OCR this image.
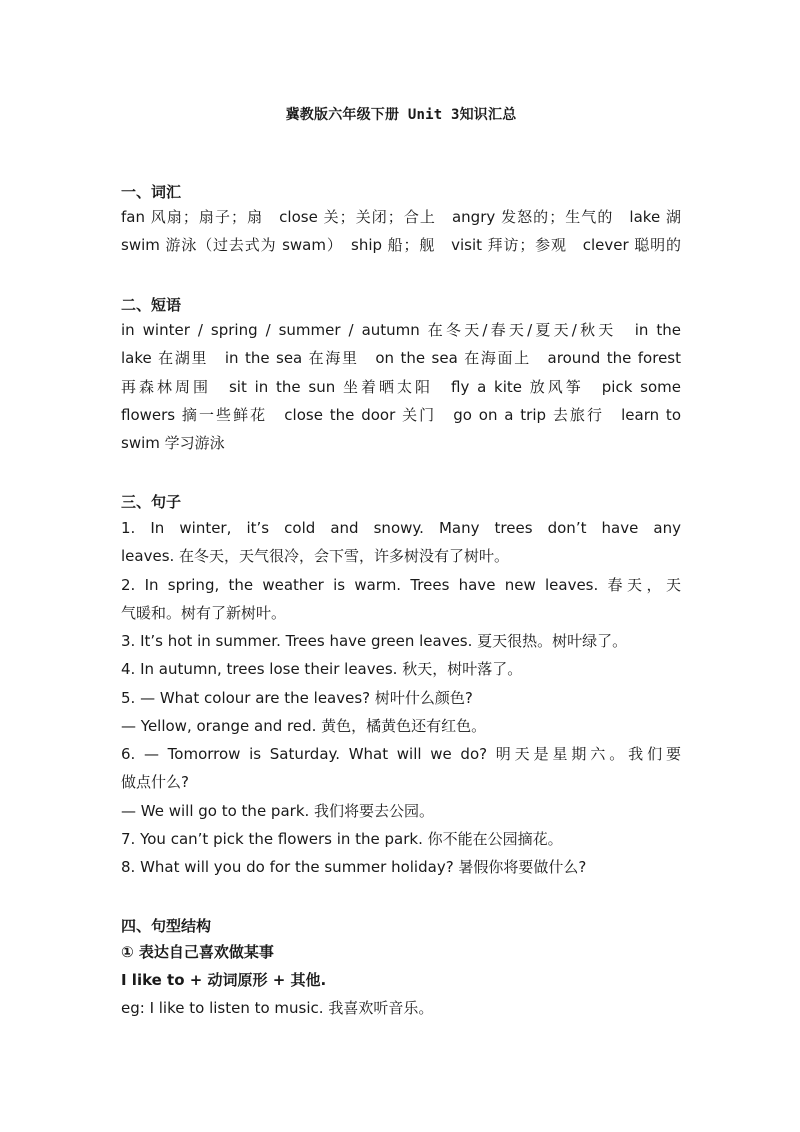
冀教版六年级下册 Unit 3知识汇总
一、词汇
fan 风扇；扇子；扇　close 关；关闭；合上　angry 发怒的；生气的　lake 湖
swim 游泳（过去式为 swam）　ship 船；舰　visit 拜访；参观　clever 聪明的
二、短语
in winter / spring / summer / autumn 在冬天/春天/夏天/秋天　in the
lake 在湖里　in the sea 在海里　on the sea 在海面上　around the forest
再森林周围　sit in the sun 坐着晒太阳　fly a kite 放风筝　pick some
flowers 摘一些鲜花　close the door 关门　go on a trip 去旅行　learn to
swim 学习游泳
三、句子
1. In winter, it’s cold and snowy. Many trees don’t have any
leaves. 在冬天，天气很冷，会下雪，许多树没有了树叶。
2. In spring, the weather is warm. Trees have new leaves. 春天，天
气暖和。树有了新树叶。
3. It’s hot in summer. Trees have green leaves. 夏天很热。树叶绿了。
4. In autumn, trees lose their leaves. 秋天，树叶落了。
5. — What colour are the leaves? 树叶什么颜色?
— Yellow, orange and red. 黄色，橘黄色还有红色。
6. — Tomorrow is Saturday. What will we do? 明天是星期六。我们要
做点什么?
— We will go to the park. 我们将要去公园。
7. You can’t pick the flowers in the park. 你不能在公园摘花。
8. What will you do for the summer holiday? 暑假你将要做什么?
四、句型结构
① 表达自己喜欢做某事
I like to + 动词原形 + 其他.
eg: I like to listen to music. 我喜欢听音乐。
